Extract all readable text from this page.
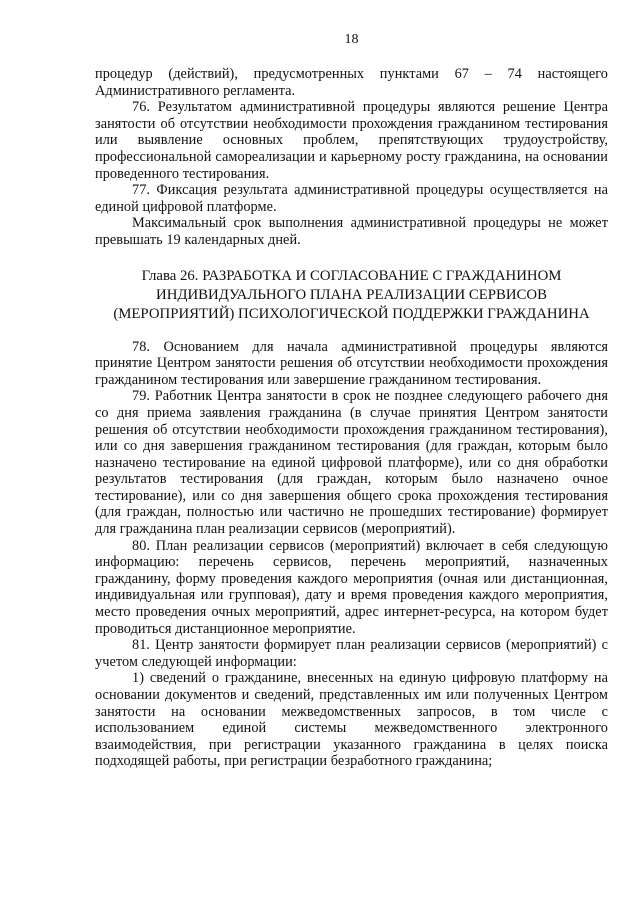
18

процедур (действий), предусмотренных пунктами 67 – 74 настоящего Административного регламента.

76. Результатом административной процедуры являются решение Центра занятости об отсутствии необходимости прохождения гражданином тестирования или выявление основных проблем, препятствующих трудоустройству, профессиональной самореализации и карьерному росту гражданина, на основании проведенного тестирования.

77. Фиксация результата административной процедуры осуществляется на единой цифровой платформе.

Максимальный срок выполнения административной процедуры не может превышать 19 календарных дней.

Глава 26. РАЗРАБОТКА И СОГЛАСОВАНИЕ С ГРАЖДАНИНОМ
ИНДИВИДУАЛЬНОГО ПЛАНА РЕАЛИЗАЦИИ СЕРВИСОВ
(МЕРОПРИЯТИЙ) ПСИХОЛОГИЧЕСКОЙ ПОДДЕРЖКИ ГРАЖДАНИНА

78. Основанием для начала административной процедуры являются принятие Центром занятости решения об отсутствии необходимости прохождения гражданином тестирования или завершение гражданином тестирования.

79. Работник Центра занятости в срок не позднее следующего рабочего дня со дня приема заявления гражданина (в случае принятия Центром занятости решения об отсутствии необходимости прохождения гражданином тестирования), или со дня завершения гражданином тестирования (для граждан, которым было назначено тестирование на единой цифровой платформе), или со дня обработки результатов тестирования (для граждан, которым было назначено очное тестирование), или со дня завершения общего срока прохождения тестирования (для граждан, полностью или частично не прошедших тестирование) формирует для гражданина план реализации сервисов (мероприятий).

80. План реализации сервисов (мероприятий) включает в себя следующую информацию: перечень сервисов, перечень мероприятий, назначенных гражданину, форму проведения каждого мероприятия (очная или дистанционная, индивидуальная или групповая), дату и время проведения каждого мероприятия, место проведения очных мероприятий, адрес интернет-ресурса, на котором будет проводиться дистанционное мероприятие.

81. Центр занятости формирует план реализации сервисов (мероприятий) с учетом следующей информации:

1) сведений о гражданине, внесенных на единую цифровую платформу на основании документов и сведений, представленных им или полученных Центром занятости на основании межведомственных запросов, в том числе с использованием единой системы межведомственного электронного взаимодействия, при регистрации указанного гражданина в целях поиска подходящей работы, при регистрации безработного гражданина;
